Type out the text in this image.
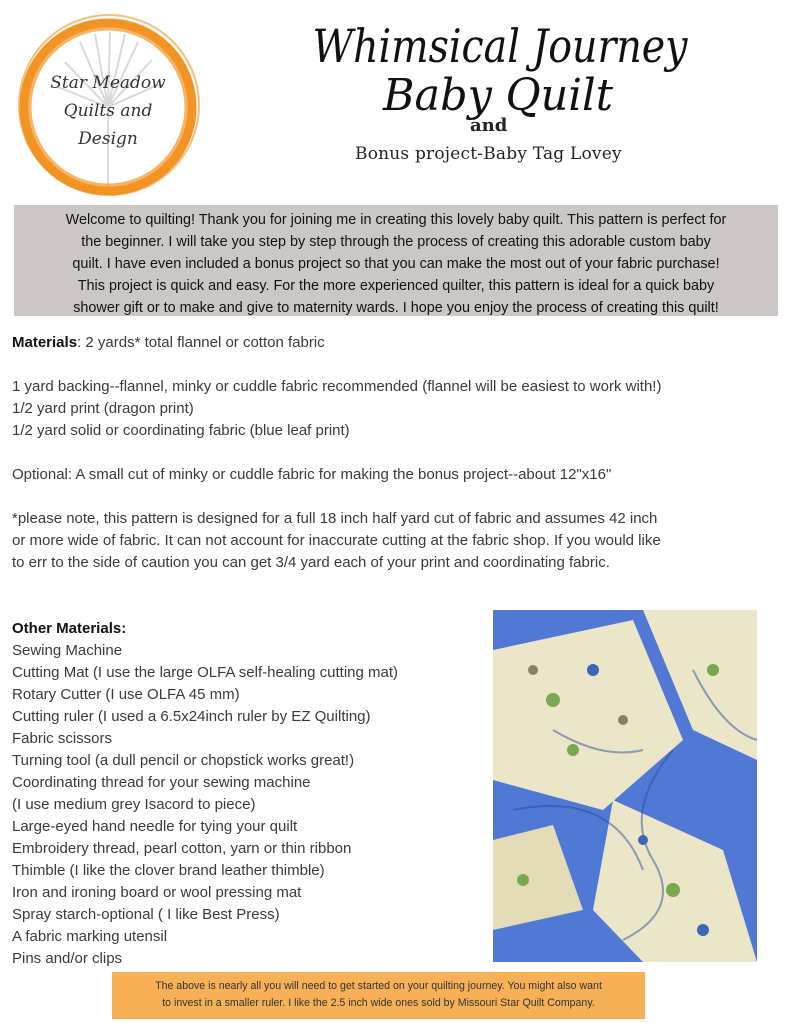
Star Meadow
Quilts and
Design
Whimsical Journey
Baby Quilt
and
Bonus project-Baby Tag Lovey
Welcome to quilting! Thank you for joining me in creating this lovely baby quilt. This pattern is perfect for
the beginner. I will take you step by step through the process of creating this adorable custom baby
quilt. I have even included a bonus project so that you can make the most out of your fabric purchase!
This project is quick and easy. For the more experienced quilter, this pattern is ideal for a quick baby
shower gift or to make and give to maternity wards. I hope you enjoy the process of creating this quilt!
Materials: 2 yards* total flannel or cotton fabric
1 yard backing--flannel, minky or cuddle fabric recommended (flannel will be easiest to work with!)
1/2 yard print (dragon print)
1/2 yard solid or coordinating fabric (blue leaf print)
Optional: A small cut of minky or cuddle fabric for making the bonus project--about 12"x16"
*please note, this pattern is designed for a full 18 inch half yard cut of fabric and assumes 42 inch
or more wide of fabric. It can not account for inaccurate cutting at the fabric shop. If you would like
to err to the side of caution you can get 3/4 yard each of your print and coordinating fabric.
Other Materials:
Sewing Machine
Cutting Mat (I use the large OLFA self-healing cutting mat)
Rotary Cutter (I use OLFA 45 mm)
Cutting ruler (I used a 6.5x24inch ruler by EZ Quilting)
Fabric scissors
Turning tool (a dull pencil or chopstick works great!)
Coordinating thread for your sewing machine
(I use medium grey Isacord to piece)
Large-eyed hand needle for tying your quilt
Embroidery thread, pearl cotton, yarn or thin ribbon
Thimble (I like the clover brand leather thimble)
Iron and ironing board or wool pressing mat
Spray starch-optional ( I like Best Press)
A fabric marking utensil
Pins and/or clips
The above is nearly all you will need to get started on your quilting journey. You might also want
to invest in a smaller ruler. I like the 2.5 inch wide ones sold by Missouri Star Quilt Company.
